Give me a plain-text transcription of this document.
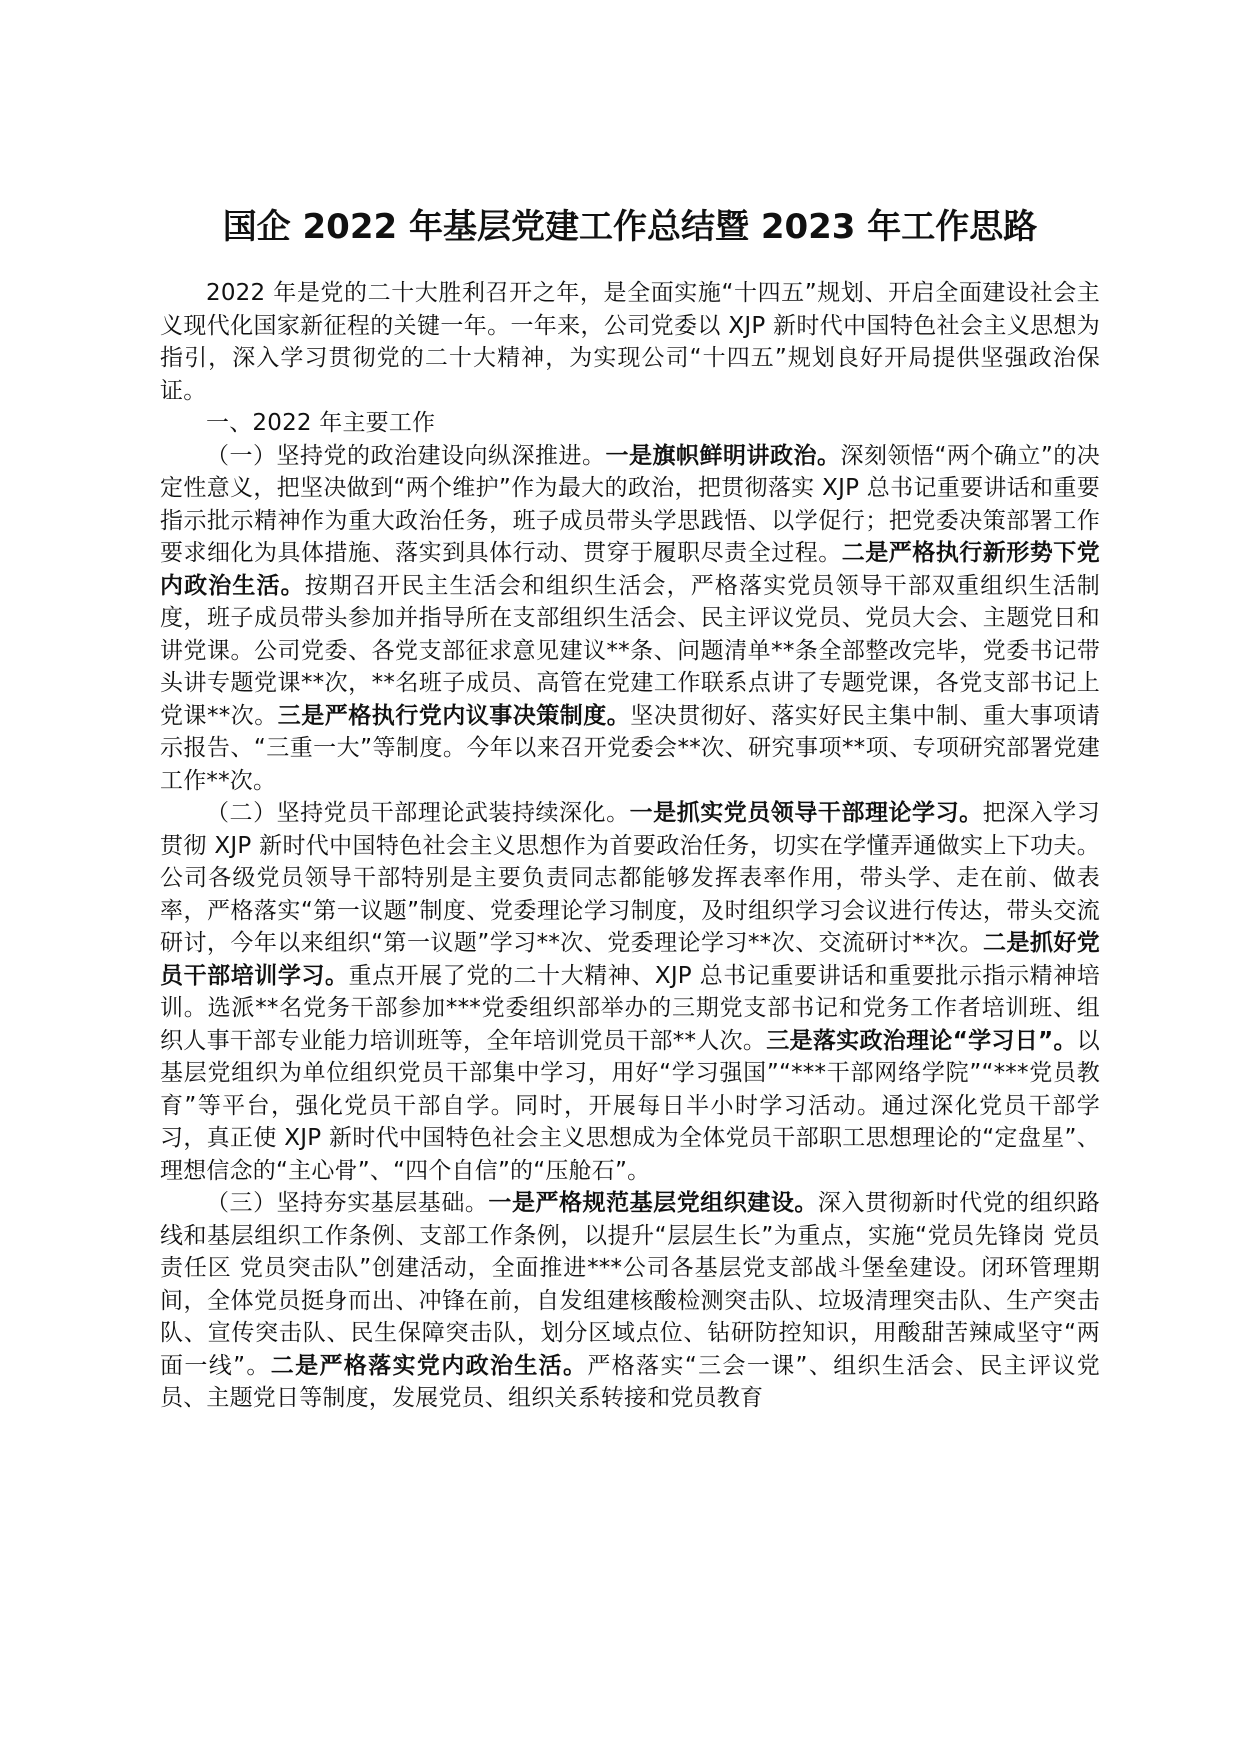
国企 2022 年基层党建工作总结暨 2023 年工作思路

2022 年是党的二十大胜利召开之年，是全面实施“十四五”规划、开启全面建设社会主义现代化国家新征程的关键一年。一年来，公司党委以 XJP 新时代中国特色社会主义思想为指引，深入学习贯彻党的二十大精神，为实现公司“十四五”规划良好开局提供坚强政治保证。

一、2022 年主要工作

（一）坚持党的政治建设向纵深推进。一是旗帜鲜明讲政治。深刻领悟“两个确立”的决定性意义，把坚决做到“两个维护”作为最大的政治，把贯彻落实 XJP 总书记重要讲话和重要指示批示精神作为重大政治任务，班子成员带头学思践悟、以学促行；把党委决策部署工作要求细化为具体措施、落实到具体行动、贯穿于履职尽责全过程。二是严格执行新形势下党内政治生活。按期召开民主生活会和组织生活会，严格落实党员领导干部双重组织生活制度，班子成员带头参加并指导所在支部组织生活会、民主评议党员、党员大会、主题党日和讲党课。公司党委、各党支部征求意见建议**条、问题清单**条全部整改完毕，党委书记带头讲专题党课**次，**名班子成员、高管在党建工作联系点讲了专题党课，各党支部书记上党课**次。三是严格执行党内议事决策制度。坚决贯彻好、落实好民主集中制、重大事项请示报告、“三重一大”等制度。今年以来召开党委会**次、研究事项**项、专项研究部署党建工作**次。

（二）坚持党员干部理论武装持续深化。一是抓实党员领导干部理论学习。把深入学习贯彻 XJP 新时代中国特色社会主义思想作为首要政治任务，切实在学懂弄通做实上下功夫。公司各级党员领导干部特别是主要负责同志都能够发挥表率作用，带头学、走在前、做表率，严格落实“第一议题”制度、党委理论学习制度，及时组织学习会议进行传达，带头交流研讨，今年以来组织“第一议题”学习**次、党委理论学习**次、交流研讨**次。二是抓好党员干部培训学习。重点开展了党的二十大精神、XJP 总书记重要讲话和重要批示指示精神培训。选派**名党务干部参加***党委组织部举办的三期党支部书记和党务工作者培训班、组织人事干部专业能力培训班等，全年培训党员干部**人次。三是落实政治理论“学习日”。以基层党组织为单位组织党员干部集中学习，用好“学习强国”“***干部网络学院”“***党员教育”等平台，强化党员干部自学。同时，开展每日半小时学习活动。通过深化党员干部学习，真正使 XJP 新时代中国特色社会主义思想成为全体党员干部职工思想理论的“定盘星”、理想信念的“主心骨”、“四个自信”的“压舱石”。

（三）坚持夯实基层基础。一是严格规范基层党组织建设。深入贯彻新时代党的组织路线和基层组织工作条例、支部工作条例，以提升“层层生长”为重点，实施“党员先锋岗 党员责任区 党员突击队”创建活动，全面推进***公司各基层党支部战斗堡垒建设。闭环管理期间，全体党员挺身而出、冲锋在前，自发组建核酸检测突击队、垃圾清理突击队、生产突击队、宣传突击队、民生保障突击队，划分区域点位、钻研防控知识，用酸甜苦辣咸坚守“两面一线”。二是严格落实党内政治生活。严格落实“三会一课”、组织生活会、民主评议党员、主题党日等制度，发展党员、组织关系转接和党员教育
